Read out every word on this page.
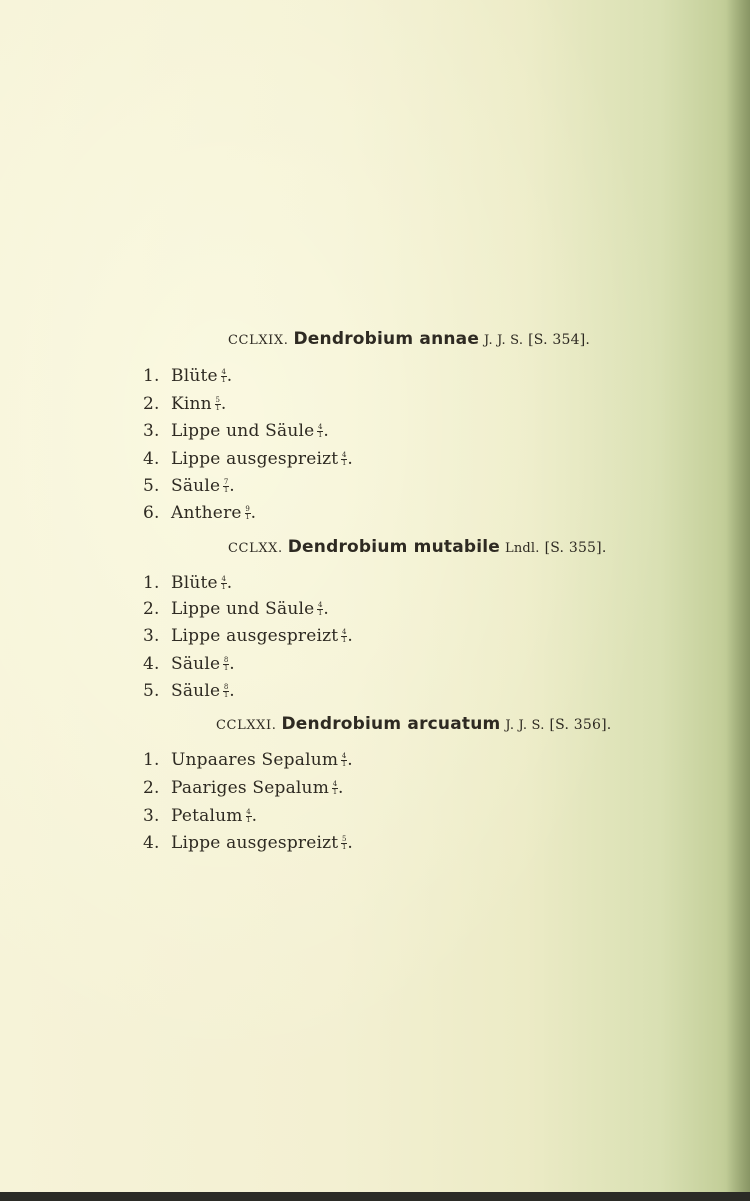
CCLXIX. Dendrobium annae J. J. S. [S. 354].
1. Blüte $\frac{4}{1}$ .
2. Kinn $\frac{5}{1}$ .
3. Lippe und Säule $\frac{4}{1}$ .
4. Lippe ausgespreizt $\frac{4}{1}$ .
5. Säule $\frac{7}{1}$ .
6. Anthere $\frac{9}{1}$ .
CCLXX. Dendrobium mutabile Lndl. [S. 355].
1. Blüte $\frac{4}{1}$ .
2. Lippe und Säule $\frac{4}{1}$ .
3. Lippe ausgespreizt $\frac{4}{1}$ .
4. Säule $\frac{8}{1}$ .
5. Säule $\frac{8}{1}$ .
CCLXXI. Dendrobium arcuatum J. J. S. [S. 356].
1. Unpaares Sepalum $\frac{4}{1}$ .
2. Paariges Sepalum $\frac{4}{1}$ .
3. Petalum $\frac{4}{1}$ .
4. Lippe ausgespreizt $\frac{5}{1}$ .
